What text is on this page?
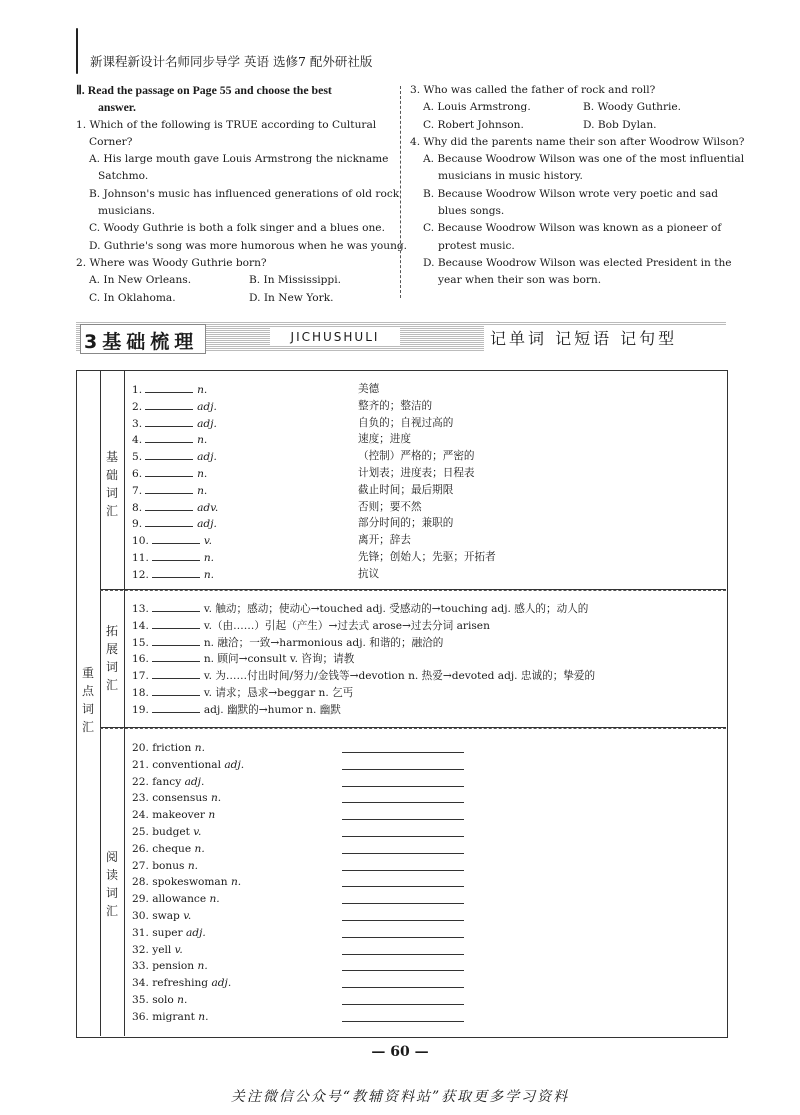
新课程新设计名师同步导学 英语 选修7 配外研社版
Ⅱ. Read the passage on Page 55 and choose the best
answer.
1. Which of the following is TRUE according to Cultural
Corner?
A. His large mouth gave Louis Armstrong the nickname
Satchmo.
B. Johnson's music has influenced generations of old rock
musicians.
C. Woody Guthrie is both a folk singer and a blues one.
D. Guthrie's song was more humorous when he was young.
2. Where was Woody Guthrie born?
A. In New Orleans.	B. In Mississippi.
C. In Oklahoma.	D. In New York.
3. Who was called the father of rock and roll?
A. Louis Armstrong.	B. Woody Guthrie.
C. Robert Johnson.	D. Bob Dylan.
4. Why did the parents name their son after Woodrow Wilson?
A. Because Woodrow Wilson was one of the most influential
musicians in music history.
B. Because Woodrow Wilson wrote very poetic and sad
blues songs.
C. Because Woodrow Wilson was known as a pioneer of
protest music.
D. Because Woodrow Wilson was elected President in the
year when their son was born.
3基础梳理	JICHUSHULI	记单词 记短语 记句型
重点词汇
基础词汇
拓展词汇
阅读词汇
1.	n.	美德
2.	adj.	整齐的；整洁的
3.	adj.	自负的；自视过高的
4.	n.	速度；进度
5.	adj.	（控制）严格的；严密的
6.	n.	计划表；进度表；日程表
7.	n.	截止时间；最后期限
8.	adv.	否则；要不然
9.	adj.	部分时间的；兼职的
10.	v.	离开；辞去
11.	n.	先锋；创始人；先驱；开拓者
12.	n.	抗议
13.	v. 触动；感动；使动心→touched adj. 受感动的→touching adj. 感人的；动人的
14.	v.（由……）引起（产生）→过去式 arose→过去分词 arisen
15.	n. 融洽；一致→harmonious adj. 和谐的；融洽的
16.	n. 顾问→consult v. 咨询；请教
17.	v. 为……付出时间/努力/金钱等→devotion n. 热爱→devoted adj. 忠诚的；挚爱的
18.	v. 请求；恳求→beggar n. 乞丐
19.	adj. 幽默的→humor n. 幽默
20. friction n.
21. conventional adj.
22. fancy adj.
23. consensus n.
24. makeover n
25. budget v.
26. cheque n.
27. bonus n.
28. spokeswoman n.
29. allowance n.
30. swap v.
31. super adj.
32. yell v.
33. pension n.
34. refreshing adj.
35. solo n.
36. migrant n.
— 60 —
关注微信公众号“教辅资料站”获取更多学习资料
